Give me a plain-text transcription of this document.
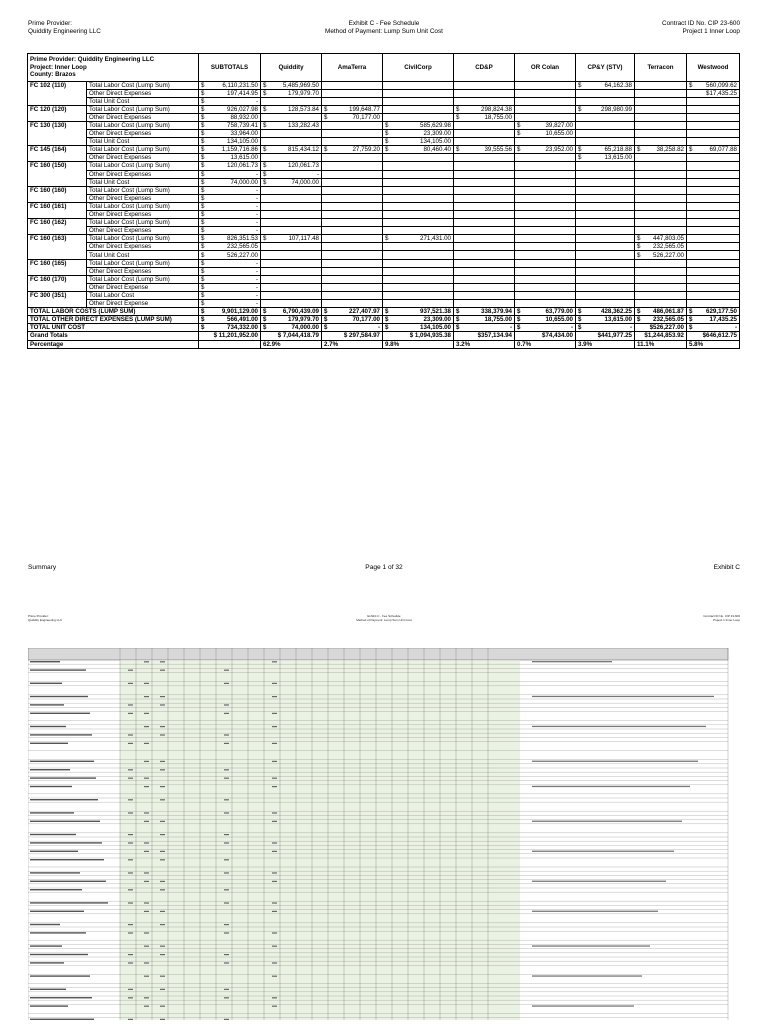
Prime Provider:
Quiddity Engineering LLC
Exhibit C - Fee Schedule
Method of Payment: Lump Sum Unit Cost
Contract ID No. CIP 23-600
Project 1 Inner Loop
Prime Provider: Quiddity Engineering LLC
Project: Inner Loop
County: Brazos		SUBTOTALS	Quiddity	AmaTerra	CivilCorp	CD&P	OR Colan	CP&Y (STV)	Terracon	Westwood
FC 102 (110)	Total Labor Cost (Lump Sum)	$ 6,110,231.50	$ 5,485,969.50					$ 64,162.38		$ 560,099.62
	Other Direct Expenses	$ 197,414.95	$ 179,979.70							$17,435.25
	Total Unit Cost	$ -								
FC 120 (120)	Total Labor Cost (Lump Sum)	$ 926,027.98	$ 128,573.84	$ 199,648.77		$ 298,824.38		$ 298,980.99		
	Other Direct Expenses	$ 88,932.00		$ 70,177.00		$ 18,755.00				
FC 130 (130)	Total Labor Cost (Lump Sum)	$ 758,739.41	$ 133,282.43		$ 585,629.98		$ 39,827.00			
	Other Direct Expenses	$ 33,964.00			$ 23,309.00		$ 10,655.00			
	Total Unit Cost	$ 134,105.00			$ 134,105.00					
FC 145 (164)	Total Labor Cost (Lump Sum)	$ 1,159,716.86	$ 815,434.12	$ 27,759.20	$ 80,460.40	$ 39,555.56	$ 23,952.00	$ 65,218.88	$ 38,258.82	$ 69,077.88
	Other Direct Expenses	$ 13,615.00						$ 13,615.00		
FC 160 (150)	Total Labor Cost (Lump Sum)	$ 120,061.73	$ 120,061.73							
	Other Direct Expenses	$ -	$ -							
	Total Unit Cost	$ 74,000.00	$ 74,000.00							
FC 160 (160)	Total Labor Cost (Lump Sum)	$ -								
	Other Direct Expenses	$ -								
FC 160 (161)	Total Labor Cost (Lump Sum)	$ -								
	Other Direct Expenses	$ -								
FC 160 (162)	Total Labor Cost (Lump Sum)	$ -								
	Other Direct Expenses	$ -								
FC 160 (163)	Total Labor Cost (Lump Sum)	$ 826,351.53	$ 107,117.48		$ 271,431.00				$ 447,803.05	
	Other Direct Expenses	$ 232,565.05							$ 232,565.05	
	Total Unit Cost	$ 526,227.00							$ 526,227.00	
FC 160 (165)	Total Labor Cost (Lump Sum)	$ -								
	Other Direct Expenses	$ -								
FC 160 (170)	Total Labor Cost (Lump Sum)	$ -								
	Other Direct Expense	$ -								
FC 300 (351)	Total Labor Cost	$ -								
	Other Direct Expense	$ -								
TOTAL LABOR COSTS (LUMP SUM)		$ 9,901,129.00	$ 6,790,439.09	$ 227,407.97	$ 937,521.38	$ 338,379.94	$ 63,779.00	$ 428,362.25	$ 486,061.87	$ 629,177.50
TOTAL OTHER DIRECT EXPENSES (LUMP SUM)		$ 566,491.00	$ 179,979.70	$ 70,177.00	$ 23,309.00	$ 18,755.00	$ 10,655.00	$ 13,615.00	$ 232,565.05	$ 17,435.25
TOTAL UNIT COST		$ 734,332.00	$ 74,000.00	$ -	$ 134,105.00	$ -	$ -	$ -	$526,227.00	$ -
Grand Totals		$ 11,201,952.00	$ 7,044,418.79	$ 297,584.97	$ 1,094,935.38	$357,134.94	$74,434.00	$441,977.25	$1,244,853.92	$646,612.75
Percentage			62.9%	2.7%	9.8%	3.2%	0.7%	3.9%	11.1%	5.8%
Summary	Page 1 of 32	Exhibit C
Prime Provider:
Quiddity Engineering LLC
Exhibit C - Fee Schedule
Method of Payment: Lump Sum Unit Cost
Contract ID No. CIP 23-600
Project 1 Inner Loop
